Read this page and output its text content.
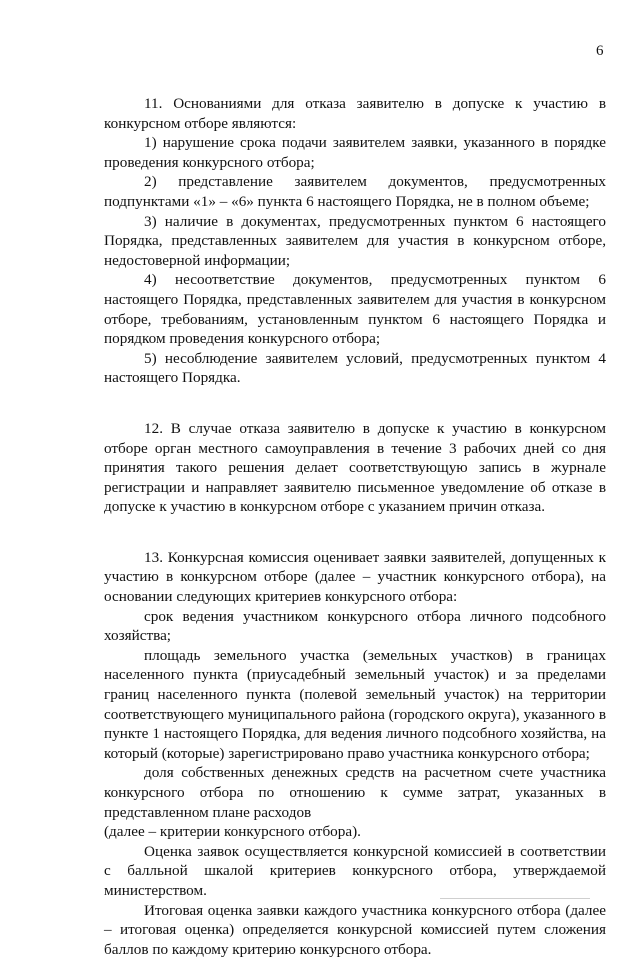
6

11. Основаниями для отказа заявителю в допуске к участию в конкурсном отборе являются:

1) нарушение срока подачи заявителем заявки, указанного в порядке проведения конкурсного отбора;

2) представление заявителем документов, предусмотренных подпунктами «1» – «6» пункта 6 настоящего Порядка, не в полном объеме;

3) наличие в документах, предусмотренных пунктом 6 настоящего Порядка, представленных заявителем для участия в конкурсном отборе, недостоверной информации;

4) несоответствие документов, предусмотренных пунктом 6 настоящего Порядка, представленных заявителем для участия в конкурсном отборе, требованиям, установленным пунктом 6 настоящего Порядка и порядком проведения конкурсного отбора;

5) несоблюдение заявителем условий, предусмотренных пунктом 4 настоящего Порядка.

12. В случае отказа заявителю в допуске к участию в конкурсном отборе орган местного самоуправления в течение 3 рабочих дней со дня принятия такого решения делает соответствующую запись в журнале регистрации и направляет заявителю письменное уведомление об отказе в допуске к участию в конкурсном отборе с указанием причин отказа.

13. Конкурсная комиссия оценивает заявки заявителей, допущенных к участию в конкурсном отборе (далее – участник конкурсного отбора), на основании следующих критериев конкурсного отбора:

срок ведения участником конкурсного отбора личного подсобного хозяйства;

площадь земельного участка (земельных участков) в границах населенного пункта (приусадебный земельный участок) и за пределами границ населенного пункта (полевой земельный участок) на территории соответствующего муниципального района (городского округа), указанного в пункте 1 настоящего Порядка, для ведения личного подсобного хозяйства, на который (которые) зарегистрировано право участника конкурсного отбора;

доля собственных денежных средств на расчетном счете участника конкурсного отбора по отношению к сумме затрат, указанных в представленном плане расходов

(далее – критерии конкурсного отбора).

Оценка заявок осуществляется конкурсной комиссией в соответствии с балльной шкалой критериев конкурсного отбора, утверждаемой министерством.

Итоговая оценка заявки каждого участника конкурсного отбора (далее – итоговая оценка) определяется конкурсной комиссией путем сложения баллов по каждому критерию конкурсного отбора.
